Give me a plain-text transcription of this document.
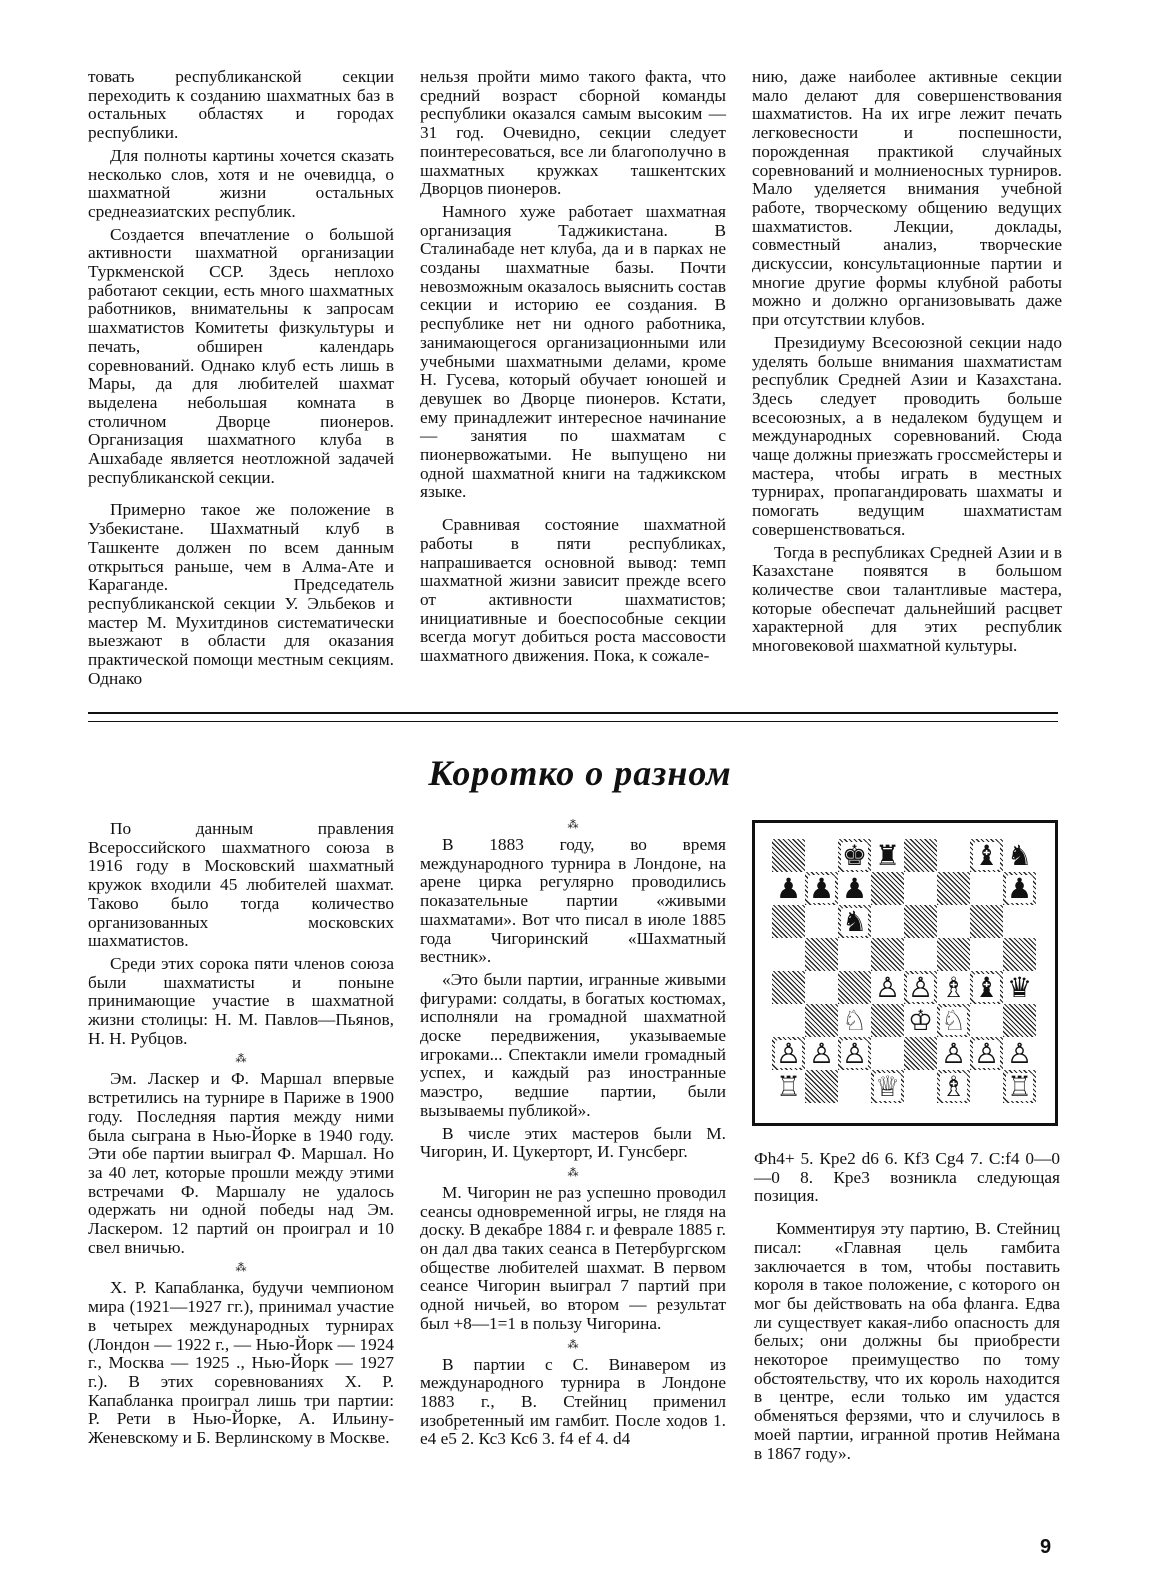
товать республиканской секции переходить к созданию шахматных баз в остальных областях и городах республики.

Для полноты картины хочется сказать несколько слов, хотя и не очевидца, о шахматной жизни остальных среднеазиатских республик.

Создается впечатление о большой активности шахматной организации Туркменской ССР. Здесь неплохо работают секции, есть много шахматных работников, внимательны к запросам шахматистов Комитеты физкультуры и печать, обширен календарь соревнований. Однако клуб есть лишь в Мары, да для любителей шахмат выделена небольшая комната в столичном Дворце пионеров. Организация шахматного клуба в Ашхабаде является неотложной задачей республиканской секции.

Примерно такое же положение в Узбекистане. Шахматный клуб в Ташкенте должен по всем данным открыться раньше, чем в Алма-Ате и Караганде. Председатель республиканской секции У. Эльбеков и мастер М. Мухитдинов систематически выезжают в области для оказания практической помощи местным секциям. Однако

нельзя пройти мимо такого факта, что средний возраст сборной команды республики оказался самым высоким — 31 год. Очевидно, секции следует поинтересоваться, все ли благополучно в шахматных кружках ташкентских Дворцов пионеров.

Намного хуже работает шахматная организация Таджикистана. В Сталинабаде нет клуба, да и в парках не созданы шахматные базы. Почти невозможным оказалось выяснить состав секции и историю ее создания. В республике нет ни одного работника, занимающегося организационными или учебными шахматными делами, кроме Н. Гусева, который обучает юношей и девушек во Дворце пионеров. Кстати, ему принадлежит интересное начинание — занятия по шахматам с пионервожатыми. Не выпущено ни одной шахматной книги на таджикском языке.

Сравнивая состояние шахматной работы в пяти республиках, напрашивается основной вывод: темп шахматной жизни зависит прежде всего от активности шахматистов; инициативные и боеспособные секции всегда могут добиться роста массовости шахматного движения. Пока, к сожале-

нию, даже наиболее активные секции мало делают для совершенствования шахматистов. На их игре лежит печать легковесности и поспешности, порожденная практикой случайных соревнований и молниеносных турниров. Мало уделяется внимания учебной работе, творческому общению ведущих шахматистов. Лекции, доклады, совместный анализ, творческие дискуссии, консультационные партии и многие другие формы клубной работы можно и должно организовывать даже при отсутствии клубов.

Президиуму Всесоюзной секции надо уделять больше внимания шахматистам республик Средней Азии и Казахстана. Здесь следует проводить больше всесоюзных, а в недалеком будущем и международных соревнований. Сюда чаще должны приезжать гроссмейстеры и мастера, чтобы играть в местных турнирах, пропагандировать шахматы и помогать ведущим шахматистам совершенствоваться.

Тогда в республиках Средней Азии и в Казахстане появятся в большом количестве свои талантливые мастера, которые обеспечат дальнейший расцвет характерной для этих республик многовековой шахматной культуры.

Коротко о разном

По данным правления Всероссийского шахматного союза в 1916 году в Московский шахматный кружок входили 45 любителей шахмат. Таково было тогда количество организованных московских шахматистов.

Среди этих сорока пяти членов союза были шахматисты и поныне принимающие участие в шахматной жизни столицы: Н. М. Павлов—Пьянов, Н. Н. Рубцов.

⁂

Эм. Ласкер и Ф. Маршал впервые встретились на турнире в Париже в 1900 году. Последняя партия между ними была сыграна в Нью-Йорке в 1940 году. Эти обе партии выиграл Ф. Маршал. Но за 40 лет, которые прошли между этими встречами Ф. Маршалу не удалось одержать ни одной победы над Эм. Ласкером. 12 партий он проиграл и 10 свел вничью.

⁂

Х. Р. Капабланка, будучи чемпионом мира (1921—1927 гг.), принимал участие в четырех международных турнирах (Лондон — 1922 г., — Нью-Йорк — 1924 г., Москва — 1925 ., Нью-Йорк — 1927 г.). В этих соревнованиях Х. Р. Капабланка проиграл лишь три партии: Р. Рети в Нью-Йорке, А. Ильину-Женевскому и Б. Верлинскому в Москве.

⁂

В 1883 году, во время международного турнира в Лондоне, на арене цирка регулярно проводились показательные партии «живыми шахматами». Вот что писал в июле 1885 года Чигоринский «Шахматный вестник».

«Это были партии, игранные живыми фигурами: солдаты, в богатых костюмах, исполняли на громадной шахматной доске передвижения, указываемые игроками... Спектакли имели громадный успех, и каждый раз иностранные маэстро, ведшие партии, были вызываемы публикой».

В числе этих мастеров были М. Чигорин, И. Цукерторт, И. Гунсберг.

⁂

М. Чигорин не раз успешно проводил сеансы одновременной игры, не глядя на доску. В декабре 1884 г. и феврале 1885 г. он дал два таких сеанса в Петербургском обществе любителей шахмат. В первом сеансе Чигорин выиграл 7 партий при одной ничьей, во втором — результат был +8—1=1 в пользу Чигорина.

⁂

В партии с С. Винавером из международного турнира в Лондоне 1883 г., В. Стейниц применил изобретенный им гамбит. После ходов 1. е4 е5 2. Кс3 Кс6 3. f4 ef 4. d4

♚ ♜	♝ ♞
♟ ♟ ♟	♟
♞
♙ ♙ ♗ ♝ ♛
♘ ♔ ♘
♙ ♙ ♙	♙ ♙ ♙
♖	♕ ♗ ♖

Фh4+ 5. Кре2 d6 6. Кf3 Cg4 7. С:f4 0—0—0 8. Кре3 возникла следующая позиция.

Комментируя эту партию, В. Стейниц писал: «Главная цель гамбита заключается в том, чтобы поставить короля в такое положение, с которого он мог бы действовать на оба фланга. Едва ли существует какая-либо опасность для белых; они должны бы приобрести некоторое преимущество по тому обстоятельству, что их король находится в центре, если только им удастся обменяться ферзями, что и случилось в моей партии, игранной против Неймана в 1867 году».

9
